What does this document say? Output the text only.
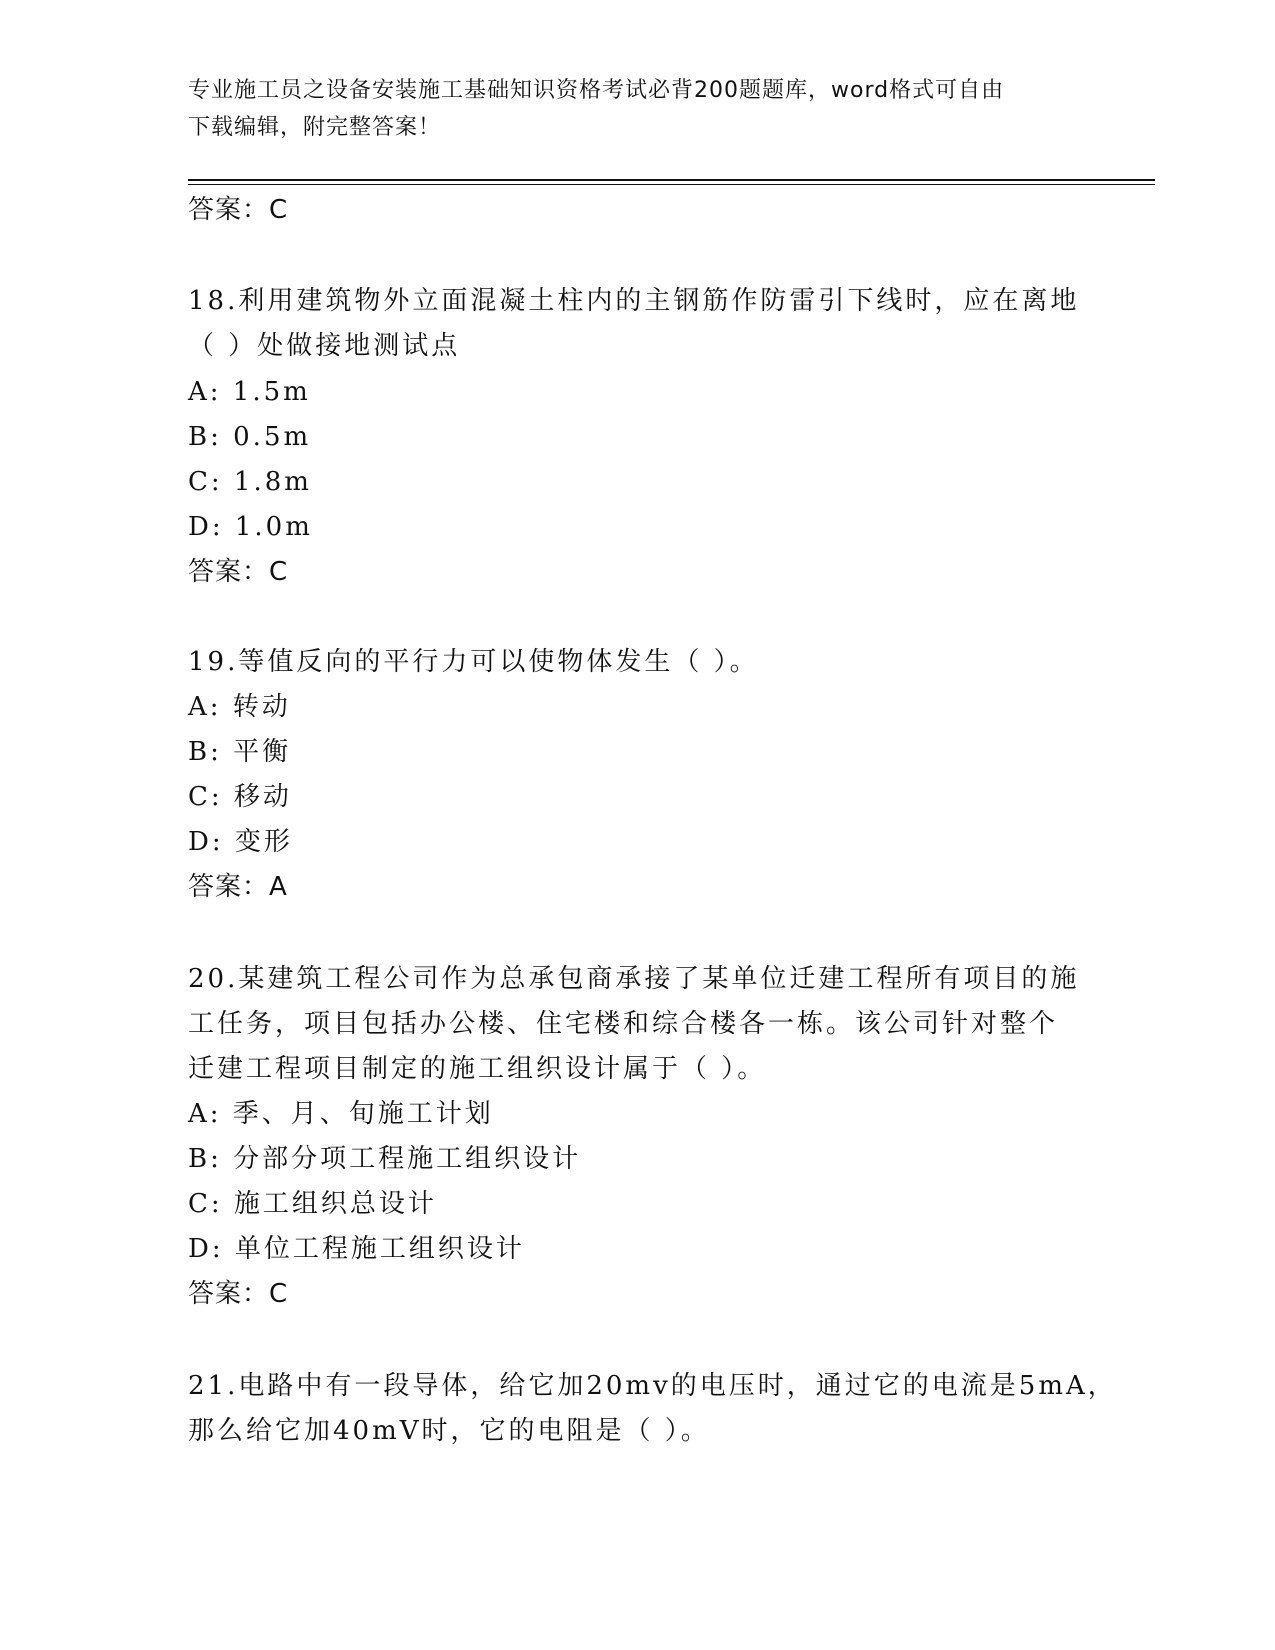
专业施工员之设备安装施工基础知识资格考试必背200题题库，word格式可自由
下载编辑，附完整答案！
答案：C
18.利用建筑物外立面混凝土柱内的主钢筋作防雷引下线时，应在离地
（ ）处做接地测试点
A: 1.5m
B: 0.5m
C: 1.8m
D: 1.0m
答案：C
19.等值反向的平行力可以使物体发生（ ）。
A: 转动
B: 平衡
C: 移动
D: 变形
答案：A
20.某建筑工程公司作为总承包商承接了某单位迁建工程所有项目的施
工任务，项目包括办公楼、住宅楼和综合楼各一栋。该公司针对整个
迁建工程项目制定的施工组织设计属于（ ）。
A: 季、月、旬施工计划
B: 分部分项工程施工组织设计
C: 施工组织总设计
D: 单位工程施工组织设计
答案：C
21.电路中有一段导体，给它加20mv的电压时，通过它的电流是5mA，
那么给它加40mV时，它的电阻是（ ）。
